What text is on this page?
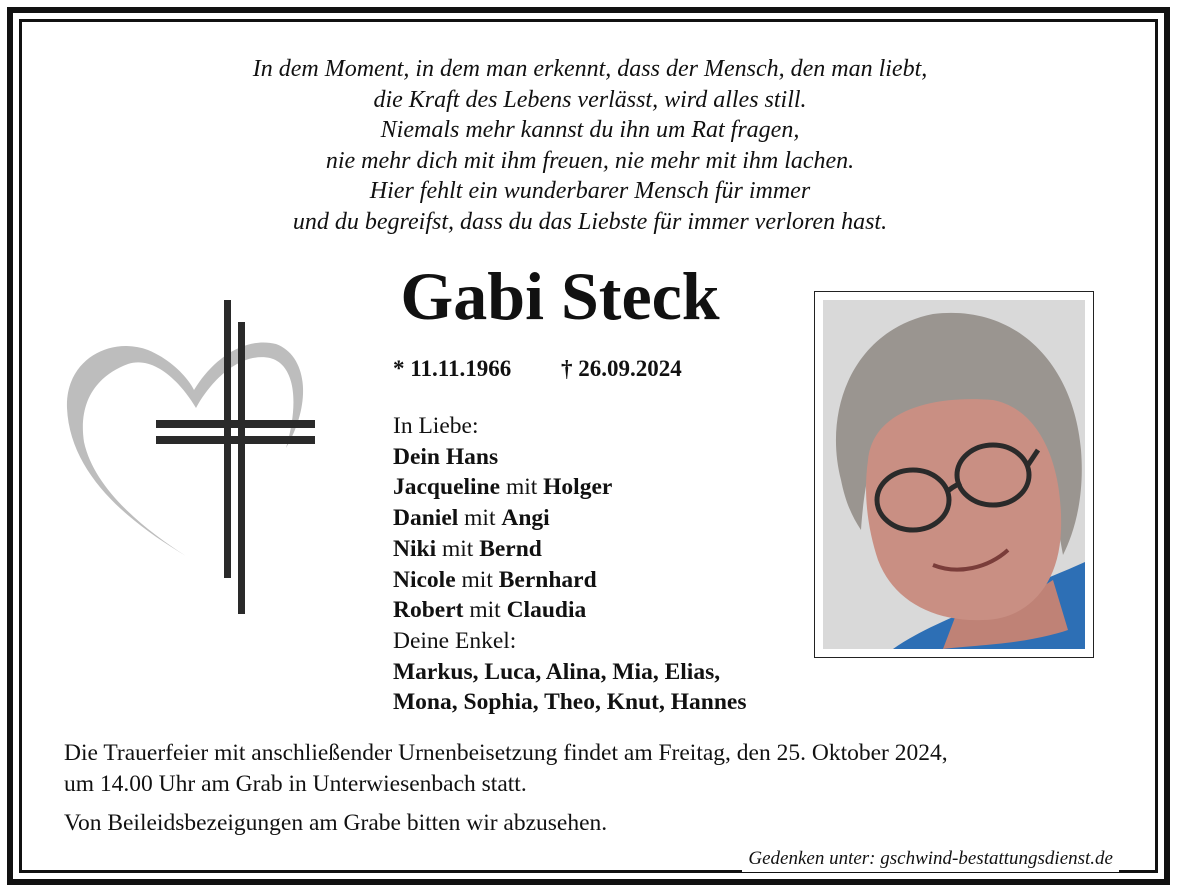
In dem Moment, in dem man erkennt, dass der Mensch, den man liebt,
die Kraft des Lebens verlässt, wird alles still.
Niemals mehr kannst du ihn um Rat fragen,
nie mehr dich mit ihm freuen, nie mehr mit ihm lachen.
Hier fehlt ein wunderbarer Mensch für immer
und du begreifst, dass du das Liebste für immer verloren hast.
Gabi Steck
* 11.11.1966 † 26.09.2024
In Liebe:
Dein Hans
Jacqueline mit Holger
Daniel mit Angi
Niki mit Bernd
Nicole mit Bernhard
Robert mit Claudia
Deine Enkel:
Markus, Luca, Alina, Mia, Elias,
Mona, Sophia, Theo, Knut, Hannes
Die Trauerfeier mit anschließender Urnenbeisetzung findet am Freitag, den 25. Oktober 2024,
um 14.00 Uhr am Grab in Unterwiesenbach statt.
Von Beileidsbezeigungen am Grabe bitten wir abzusehen.
Gedenken unter: gschwind-bestattungsdienst.de
